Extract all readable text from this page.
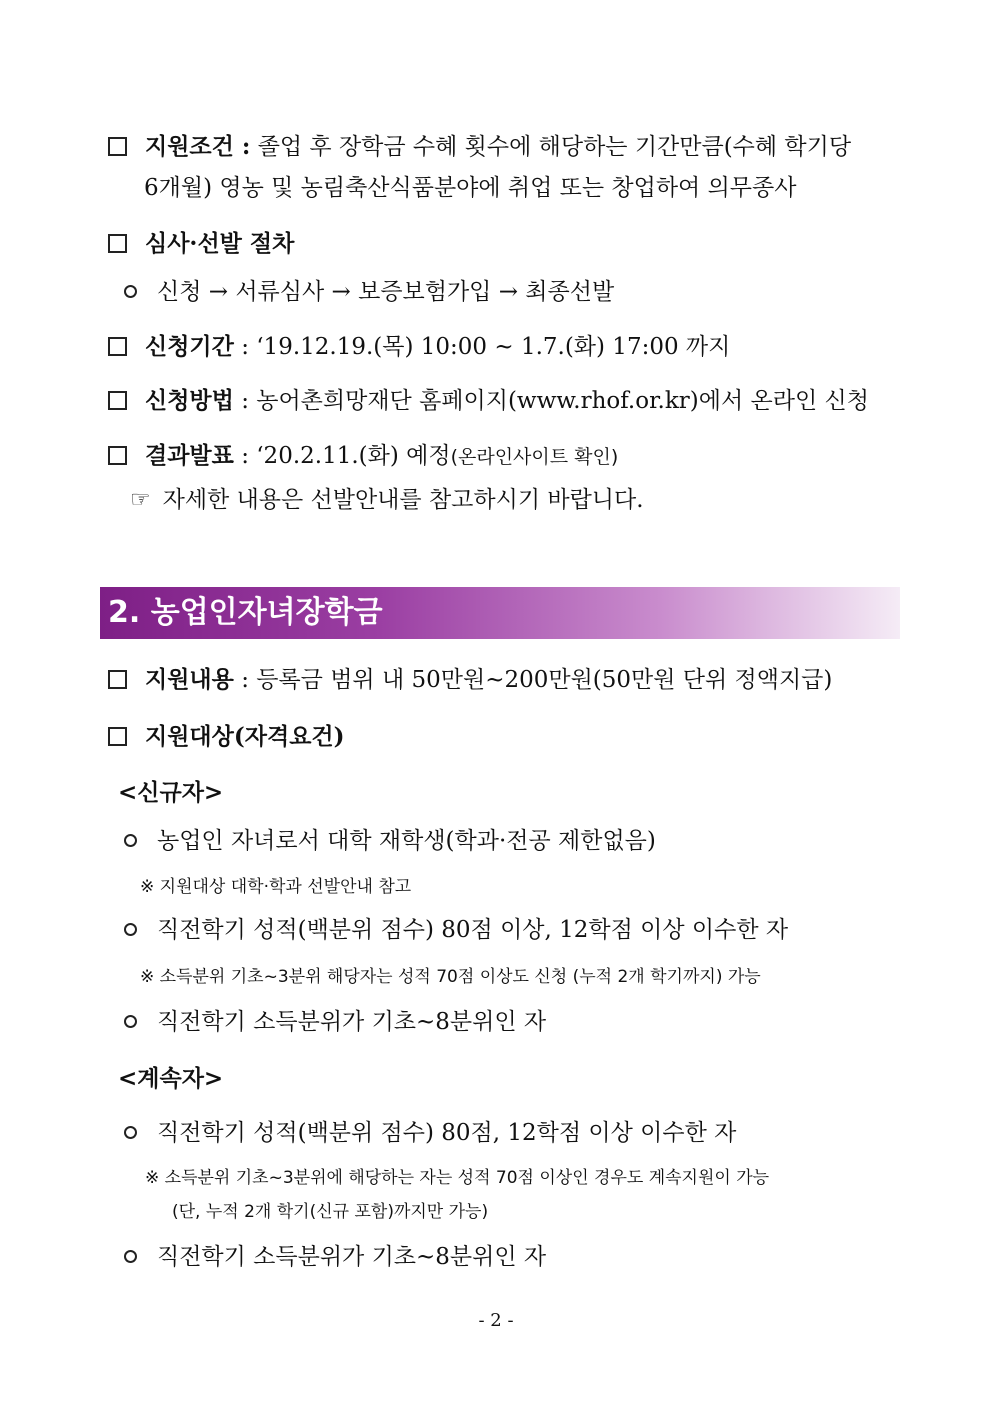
지원조건 : 졸업 후 장학금 수혜 횟수에 해당하는 기간만큼(수혜 학기당
6개월) 영농 및 농림축산식품분야에 취업 또는 창업하여 의무종사
심사·선발 절차
신청 → 서류심사 → 보증보험가입 → 최종선발
신청기간 : ‘19.12.19.(목) 10:00 ~ 1.7.(화) 17:00 까지
신청방법 : 농어촌희망재단 홈페이지(www.rhof.or.kr)에서 온라인 신청
결과발표 : ‘20.2.11.(화) 예정(온라인사이트 확인)
☞ 자세한 내용은 선발안내를 참고하시기 바랍니다.
2. 농업인자녀장학금
지원내용 : 등록금 범위 내 50만원~200만원(50만원 단위 정액지급)
지원대상(자격요건)
<신규자>
농업인 자녀로서 대학 재학생(학과·전공 제한없음)
※ 지원대상 대학·학과 선발안내 참고
직전학기 성적(백분위 점수) 80점 이상, 12학점 이상 이수한 자
※ 소득분위 기초~3분위 해당자는 성적 70점 이상도 신청 (누적 2개 학기까지) 가능
직전학기 소득분위가 기초~8분위인 자
<계속자>
직전학기 성적(백분위 점수) 80점, 12학점 이상 이수한 자
※ 소득분위 기초~3분위에 해당하는 자는 성적 70점 이상인 경우도 계속지원이 가능
(단, 누적 2개 학기(신규 포함)까지만 가능)
직전학기 소득분위가 기초~8분위인 자
- 2 -
